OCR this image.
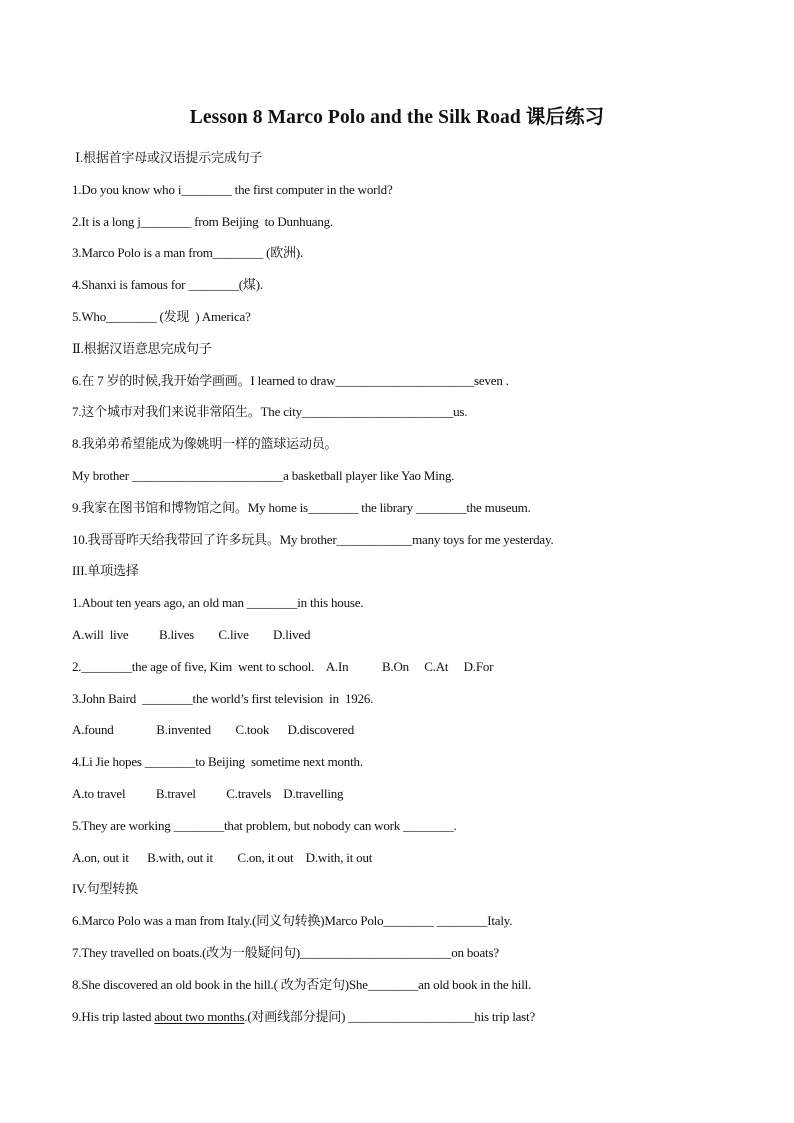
Lesson 8 Marco Polo and the Silk Road 课后练习
Ⅰ.根据首字母或汉语提示完成句子
1.Do you know who i________ the first computer in the world?
2.It is a long j________ from Beijing  to Dunhuang.
3.Marco Polo is a man from________ (欧洲).
4.Shanxi is famous for ________(煤).
5.Who________ (发现  ) America?
Ⅱ.根据汉语意思完成句子
6.在 7 岁的时候,我开始学画画。I learned to draw______________________seven .
7.这个城市对我们来说非常陌生。The city________________________us.
8.我弟弟希望能成为像姚明一样的篮球运动员。
My brother ________________________a basketball player like Yao Ming.
9.我家在图书馆和博物馆之间。My home is________ the library ________the museum.
10.我哥哥昨天给我带回了许多玩具。My brother____________many toys for me yesterday.
III.单项选择
1.About ten years ago, an old man ________in this house.
A.will  live          B.lives        C.live        D.lived
2.________the age of five, Kim  went to school.    A.In           B.On     C.At     D.For
3.John Baird  ________the world’s first television  in  1926.
A.found              B.invented        C.took      D.discovered
4.Li Jie hopes ________to Beijing  sometime next month.
A.to travel          B.travel          C.travels    D.travelling
5.They are working ________that problem, but nobody can work ________.
A.on, out it      B.with, out it        C.on, it out    D.with, it out
IV.句型转换
6.Marco Polo was a man from Italy.(同义句转换)Marco Polo________ ________Italy.
7.They travelled on boats.(改为一般疑问句)________________________on boats?
8.She discovered an old book in the hill.( 改为否定句)She________an old book in the hill.
9.His trip lasted about two months.(对画线部分提问) ____________________his trip last?
